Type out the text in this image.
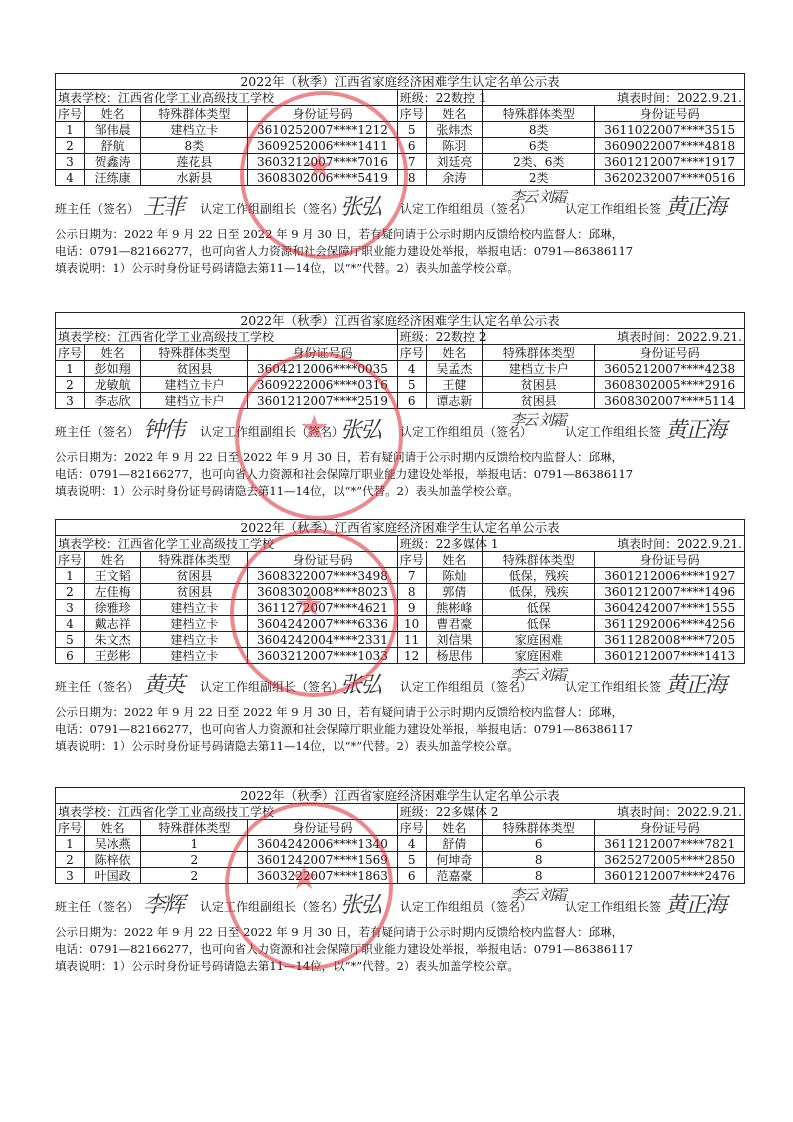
2022年（秋季）江西省家庭经济困难学生认定名单公示表							
填表学校：江西省化学工业高级技工学校				班级：22数控 1		填表时间：2022.9.21.	
序号	姓名	特殊群体类型	身份证号码	序号	姓名	特殊群体类型	身份证号码
1	邹伟晨	建档立卡	3610252007****1212	5	张炜杰	8类	3611022007****3515
2	舒航	8类	3609252006****1411	6	陈羽	6类	3609022007****4818
3	贺鑫涛	莲花县	3603212007****7016	7	刘廷亮	2类、6类	3601212007****1917
4	汪练康	水新县	3608302006****5419	8	余涛	2类	3620232007****0516
班主任（签名）	认定工作组副组长（签名）	认定工作组组员（签名）	认定工作组组长签
王菲	张弘	李云 刘霜	黄正海
公示日期为：2022 年 9 月 22 日至 2022 年 9 月 30 日，若有疑问请于公示时期内反馈给校内监督人：邱琳，
电话：0791—82166277，也可向省人力资源和社会保障厅职业能力建设处举报，举报电话：0791—86386117
填表说明：1）公示时身份证号码请隐去第11—14位，以“*”代替。2）表头加盖学校公章。
★
2022年（秋季）江西省家庭经济困难学生认定名单公示表							
填表学校：江西省化学工业高级技工学校				班级：22数控 2		填表时间：2022.9.21.	
序号	姓名	特殊群体类型	身份证号码	序号	姓名	特殊群体类型	身份证号码
1	彭如翔	贫困县	3604212006****0035	4	吴孟杰	建档立卡户	3605212007****4238
2	龙敏航	建档立卡户	3609222006****0316	5	王健	贫困县	3608302005****2916
3	李志欣	建档立卡户	3601212007****2519	6	谭志新	贫困县	3608302007****5114
班主任（签名）	认定工作组副组长（签名）	认定工作组组员（签名）	认定工作组组长签
钟伟	张弘	李云 刘霜	黄正海
公示日期为：2022 年 9 月 22 日至 2022 年 9 月 30 日，若有疑问请于公示时期内反馈给校内监督人：邱琳，
电话：0791—82166277，也可向省人力资源和社会保障厅职业能力建设处举报，举报电话：0791—86386117
填表说明：1）公示时身份证号码请隐去第11—14位，以“*”代替。2）表头加盖学校公章。
★
2022年（秋季）江西省家庭经济困难学生认定名单公示表							
填表学校：江西省化学工业高级技工学校				班级：22多媒体 1		填表时间：2022.9.21.	
序号	姓名	特殊群体类型	身份证号码	序号	姓名	特殊群体类型	身份证号码
1	王文韬	贫困县	3608322007****3498	7	陈灿	低保，残疾	3601212006****1927
2	左佳梅	贫困县	3608302008****8023	8	郭倩	低保，残疾	3601212007****1496
3	徐雅珍	建档立卡	3611272007****4621	9	熊彬峰	低保	3604242007****1555
4	戴志祥	建档立卡	3604242007****6336	10	曹君豪	低保	3611292006****4256
5	朱文杰	建档立卡	3604242004****2331	11	刘信果	家庭困难	3611282008****7205
6	王彭彬	建档立卡	3603212007****1033	12	杨思伟	家庭困难	3601212007****1413
班主任（签名）	认定工作组副组长（签名）	认定工作组组员（签名）	认定工作组组长签
黄英	张弘	李云 刘霜	黄正海
公示日期为：2022 年 9 月 22 日至 2022 年 9 月 30 日，若有疑问请于公示时期内反馈给校内监督人：邱琳，
电话：0791—82166277，也可向省人力资源和社会保障厅职业能力建设处举报，举报电话：0791—86386117
填表说明：1）公示时身份证号码请隐去第11—14位，以“*”代替。2）表头加盖学校公章。
★
2022年（秋季）江西省家庭经济困难学生认定名单公示表							
填表学校：江西省化学工业高级技工学校				班级：22多媒体 2		填表时间：2022.9.21.	
序号	姓名	特殊群体类型	身份证号码	序号	姓名	特殊群体类型	身份证号码
1	吴冰燕	1	3604242006****1340	4	舒倩	6	3611212007****7821
2	陈梓依	2	3601242007****1569	5	何坤奇	8	3625272005****2850
3	叶国政	2	3603222007****1863	6	范嘉豪	8	3601212007****2476
班主任（签名）	认定工作组副组长（签名）	认定工作组组员（签名）	认定工作组组长签
李辉	张弘	李云 刘霜	黄正海
公示日期为：2022 年 9 月 22 日至 2022 年 9 月 30 日，若有疑问请于公示时期内反馈给校内监督人：邱琳，
电话：0791—82166277，也可向省人力资源和社会保障厅职业能力建设处举报，举报电话：0791—86386117
填表说明：1）公示时身份证号码请隐去第11—14位，以“*”代替。2）表头加盖学校公章。
★
